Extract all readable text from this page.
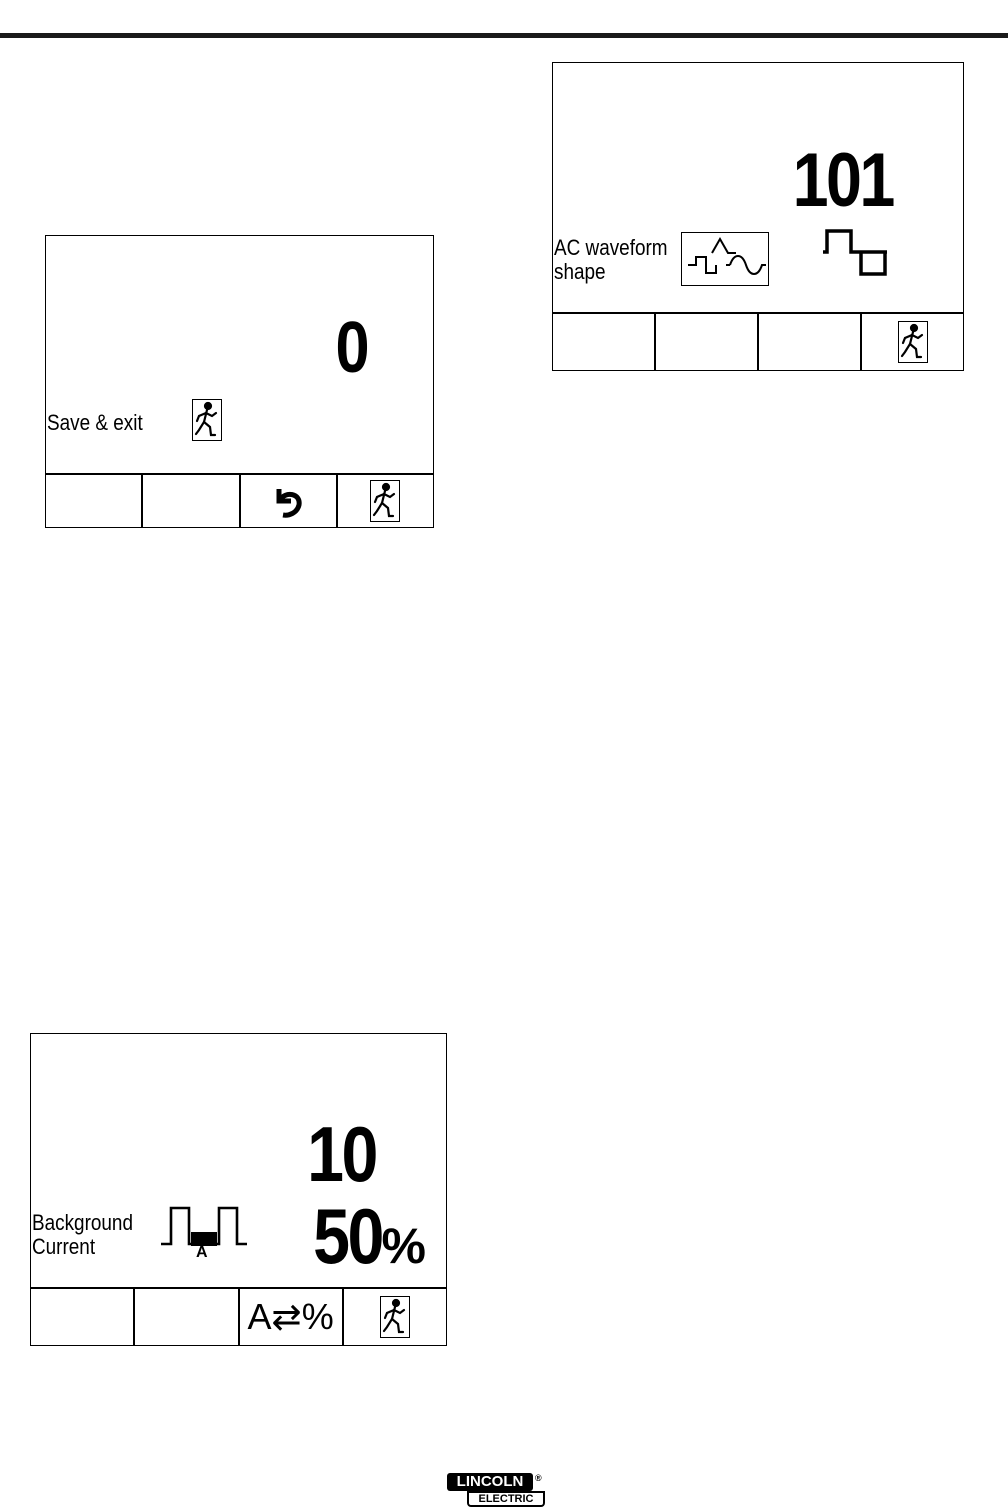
0
Save & exit
101
AC waveform
shape
10
50%
Background
Current	A
A⇄%
LINCOLN
ELECTRIC
®
